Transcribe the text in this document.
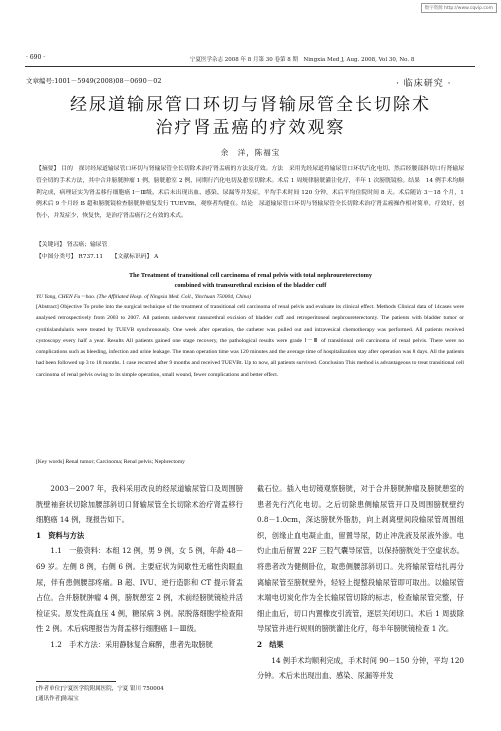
数字资源 http://www.cqvip.com
· 690 ·	宁夏医学杂志 2008 年 8 月第 30 卷第 8 期　Ningxia Med J, Aug. 2008, Vol 30, No. 8
文章编号:1001－5949(2008)08－0690－02	· 临床研究 ·
经尿道输尿管口环切与肾输尿管全长切除术
治疗肾盂癌的疗效观察
余　洋，陈福宝

【摘要】 目的　探讨经尿道输尿管口环切与肾输尿管全长切除术治疗肾盂癌的方法及疗效。方法　采用先经尿道将输尿管口环状汽化电切，然后经腰部斜切口行肾输尿管全切的手术方法，其中合并膀胱肿瘤 1 例，膀胱憩室 2 例，同期行汽化电切及憩室切除术。术后 1 周规律膀胱灌注化疗，半年 1 次膀胱镜检。结果　14 例手术均顺利完成，病理证实为肾盂移行细胞癌 Ⅰ－Ⅲ级。术后未出现出血、感染、尿漏等并发症，平均手术时间 120 分钟，术后平均住院时间 8 天。术后随访 3－18 个月，1 例术后 9 个月经 B 超和膀胱镜检查膀胱肿瘤复发行 TUEVBt，观察者均健在。结论　尿道输尿管口环切与肾输尿管全长切除术治疗肾盂癌操作相对简单，疗效好，创伤小，并发症少，恢复快，是治疗肾盂癌行之有效的术式。

【关键词】 肾盂癌；输尿管
【中图分类号】 R737.11　　【文献标识码】 A
The Treatment of transitional cell carcinoma of renal pelvis with total nephroureterectomy
combined with transurethral excision of the bladder cuff
YU Yang, CHEN Fu－bao. (The Affiliated Hosp. of Ningxia Med. Coll., Yinchuan 750004, China)

[Abstract] Objective To probe into the surgical technique of the treatment of transitional cell carcinoma of renal pelvis and evaluate its clinical effect. Methods Clinical data of 14cases were analysed retrospectively from 2003 to 2007. All patients underwent ransurethral excision of bladder cuff and retroperitoneal nephroureterectomy. The patients with bladder tumor or cystitislandularis were treated by TUEVB synchronously. One week after operation, the catheter was pulled out and intravesical chemotherapy was performed. All patients received cystoscopy every half a year. Results All patients gained one stage recovery, the pathological results were grade Ⅰ－Ⅲ of transitional cell carcinoma of renal pelvis. There were no complications such as bleeding, infection and urine leakage. The mean operation time was 120 minutes and the average time of hospitalization stay after operation was 8 days. All the patients had been followed up 3 to 18 months. 1 case recurred after 9 months and received TUEVBt. Up to now, all patients survived. Conclusion This method is advantageous to treat transitional cell carcinoma of renal pelvis owing to its simple operation, small wound, fewer complications and better effect.

[Key words] Renal tumor; Carcinoma; Renal pelvis; Nephrectomy

2003－2007 年，我科采用改良的经尿道输尿管口及周围膀胱壁袖套状切除加腰部斜切口肾输尿管全长切除术治疗肾盂移行细胞癌 14 例，现报告如下。

1　资料与方法

1.1　一般资料：本组 12 例，男 9 例，女 5 例，年龄 48－69 岁。左侧 8 例，右侧 6 例。主要症状为间歇性无痛性肉眼血尿，伴有患侧腰部疼痛。B 超、IVU、逆行造影和 CT 提示肾盂占位。合并膀胱肿瘤 4 例，膀胱憩室 2 例，术前经膀胱镜检并活检证实。原发性高血压 4 例，糖尿病 3 例。尿脱落细胞学检查阳性 2 例。术后病理报告为肾盂移行细胞癌 Ⅰ－Ⅲ级。

1.2　手术方法：采用静脉复合麻醉，患者先取膀胱

截石位。插入电切镜观察膀胱，对于合并膀胱肿瘤及膀胱憩室的患者先行汽化电切。之后切除患侧输尿管开口及周围膀胱壁约 0.8－1.0cm，深达膀胱外脂肪，向上剥离壁间段输尿管周围组织，创缘止血电凝止血，留置导尿，防止冲洗液及尿液外渗。电灼止血后留置 22F 三腔气囊导尿管，以保持膀胱处于空虚状态。将患者改为健侧卧位，取患侧腰部斜切口。先将输尿管结扎再分离输尿管至膀胱壁外，轻轻上提整段输尿管即可取出。以输尿管末端电切炭化作为全长输尿管切除的标志，检查输尿管完整，仔细止血后，切口内置橡皮引流管，逐层关闭切口。术后 1 周拔除导尿管并进行规则的膀胱灌注化疗，每半年膀胱镜检查 1 次。

2　结果

14 例手术均顺利完成，手术时间 90－150 分钟，平均 120 分钟。术后未出现出血、感染、尿漏等并发

[作者单位]宁夏医学院附属医院，宁夏 银川 750004
[通讯作者]陈福宝
